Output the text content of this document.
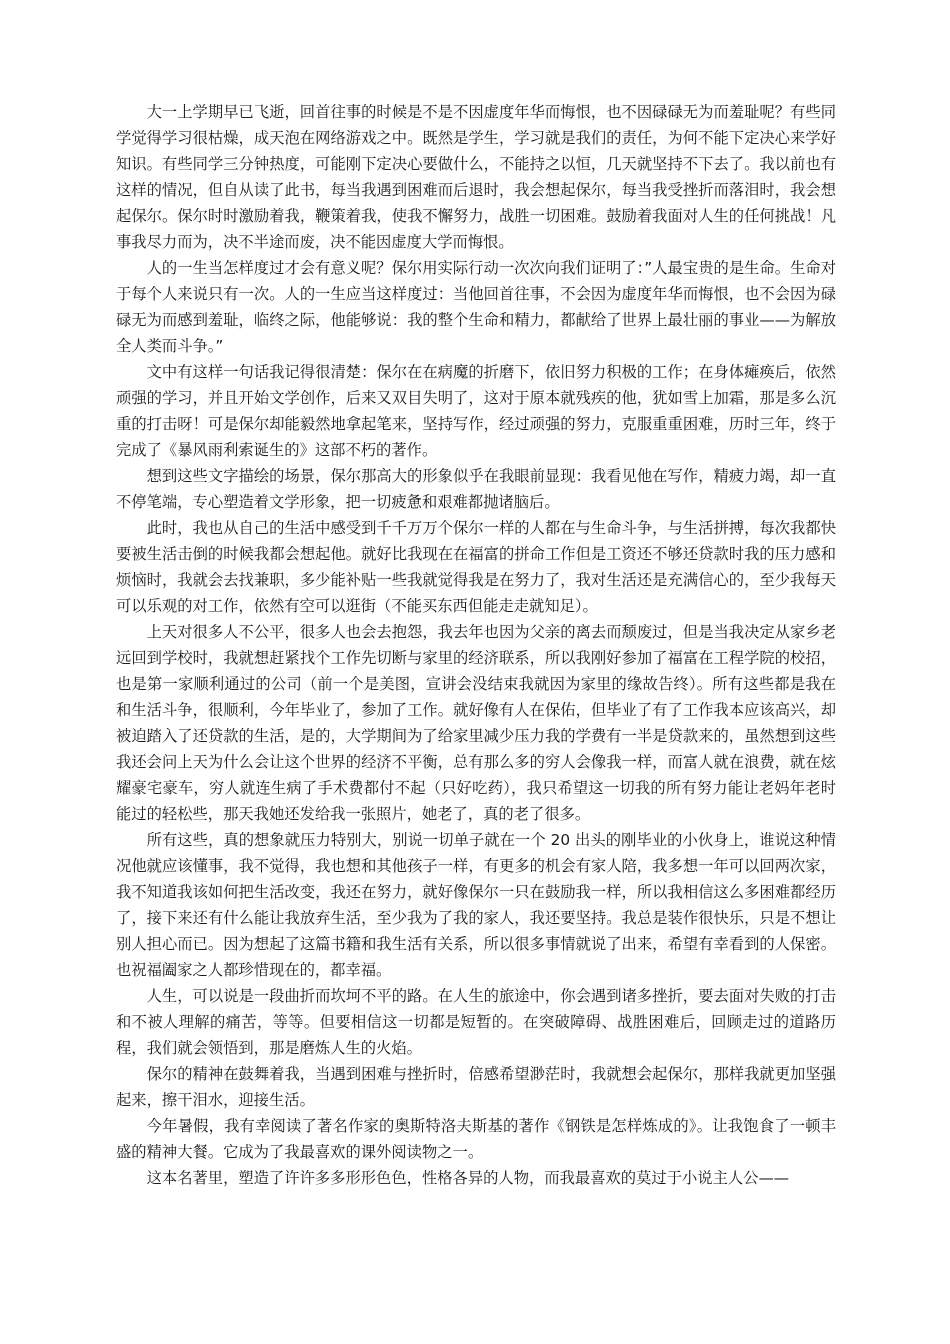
大一上学期早已飞逝，回首往事的时候是不是不因虚度年华而悔恨，也不因碌碌无为而羞耻呢？有些同学觉得学习很枯燥，成天泡在网络游戏之中。既然是学生，学习就是我们的责任，为何不能下定决心来学好知识。有些同学三分钟热度，可能刚下定决心要做什么，不能持之以恒，几天就坚持不下去了。我以前也有这样的情况，但自从读了此书，每当我遇到困难而后退时，我会想起保尔，每当我受挫折而落泪时，我会想起保尔。保尔时时激励着我，鞭策着我，使我不懈努力，战胜一切困难。鼓励着我面对人生的任何挑战！凡事我尽力而为，决不半途而废，决不能因虚度大学而悔恨。

人的一生当怎样度过才会有意义呢？保尔用实际行动一次次向我们证明了：”人最宝贵的是生命。生命对于每个人来说只有一次。人的一生应当这样度过：当他回首往事，不会因为虚度年华而悔恨，也不会因为碌碌无为而感到羞耻，临终之际，他能够说：我的整个生命和精力，都献给了世界上最壮丽的事业——为解放全人类而斗争。”

文中有这样一句话我记得很清楚：保尔在在病魔的折磨下，依旧努力积极的工作；在身体瘫痪后，依然顽强的学习，并且开始文学创作，后来又双目失明了，这对于原本就残疾的他，犹如雪上加霜，那是多么沉重的打击呀！可是保尔却能毅然地拿起笔来，坚持写作，经过顽强的努力，克服重重困难，历时三年，终于完成了《暴风雨利索诞生的》这部不朽的著作。

想到这些文字描绘的场景，保尔那高大的形象似乎在我眼前显现：我看见他在写作，精疲力竭，却一直不停笔端，专心塑造着文学形象，把一切疲惫和艰难都抛诸脑后。

此时，我也从自己的生活中感受到千千万万个保尔一样的人都在与生命斗争，与生活拼搏，每次我都快要被生活击倒的时候我都会想起他。就好比我现在在福富的拼命工作但是工资还不够还贷款时我的压力感和烦恼时，我就会去找兼职，多少能补贴一些我就觉得我是在努力了，我对生活还是充满信心的，至少我每天可以乐观的对工作，依然有空可以逛街（不能买东西但能走走就知足）。

上天对很多人不公平，很多人也会去抱怨，我去年也因为父亲的离去而颓废过，但是当我决定从家乡老远回到学校时，我就想赶紧找个工作先切断与家里的经济联系，所以我刚好参加了福富在工程学院的校招，也是第一家顺利通过的公司（前一个是美图，宣讲会没结束我就因为家里的缘故告终）。所有这些都是我在和生活斗争，很顺利，今年毕业了，参加了工作。就好像有人在保佑，但毕业了有了工作我本应该高兴，却被迫踏入了还贷款的生活，是的，大学期间为了给家里减少压力我的学费有一半是贷款来的，虽然想到这些我还会问上天为什么会让这个世界的经济不平衡，总有那么多的穷人会像我一样，而富人就在浪费，就在炫耀豪宅豪车，穷人就连生病了手术费都付不起（只好吃药），我只希望这一切我的所有努力能让老妈年老时能过的轻松些，那天我她还发给我一张照片，她老了，真的老了很多。

所有这些，真的想象就压力特别大，别说一切单子就在一个 20 出头的刚毕业的小伙身上，谁说这种情况他就应该懂事，我不觉得，我也想和其他孩子一样，有更多的机会有家人陪，我多想一年可以回两次家，我不知道我该如何把生活改变，我还在努力，就好像保尔一只在鼓励我一样，所以我相信这么多困难都经历了，接下来还有什么能让我放弃生活，至少我为了我的家人，我还要坚持。我总是装作很快乐，只是不想让别人担心而已。因为想起了这篇书籍和我生活有关系，所以很多事情就说了出来，希望有幸看到的人保密。也祝福阖家之人都珍惜现在的，都幸福。

人生，可以说是一段曲折而坎坷不平的路。在人生的旅途中，你会遇到诸多挫折，要去面对失败的打击和不被人理解的痛苦，等等。但要相信这一切都是短暂的。在突破障碍、战胜困难后，回顾走过的道路历程，我们就会领悟到，那是磨炼人生的火焰。

保尔的精神在鼓舞着我，当遇到困难与挫折时，倍感希望渺茫时，我就想会起保尔，那样我就更加坚强起来，擦干泪水，迎接生活。

今年暑假，我有幸阅读了著名作家的奥斯特洛夫斯基的著作《钢铁是怎样炼成的》。让我饱食了一顿丰盛的精神大餐。它成为了我最喜欢的课外阅读物之一。

这本名著里，塑造了许许多多形形色色，性格各异的人物，而我最喜欢的莫过于小说主人公——
